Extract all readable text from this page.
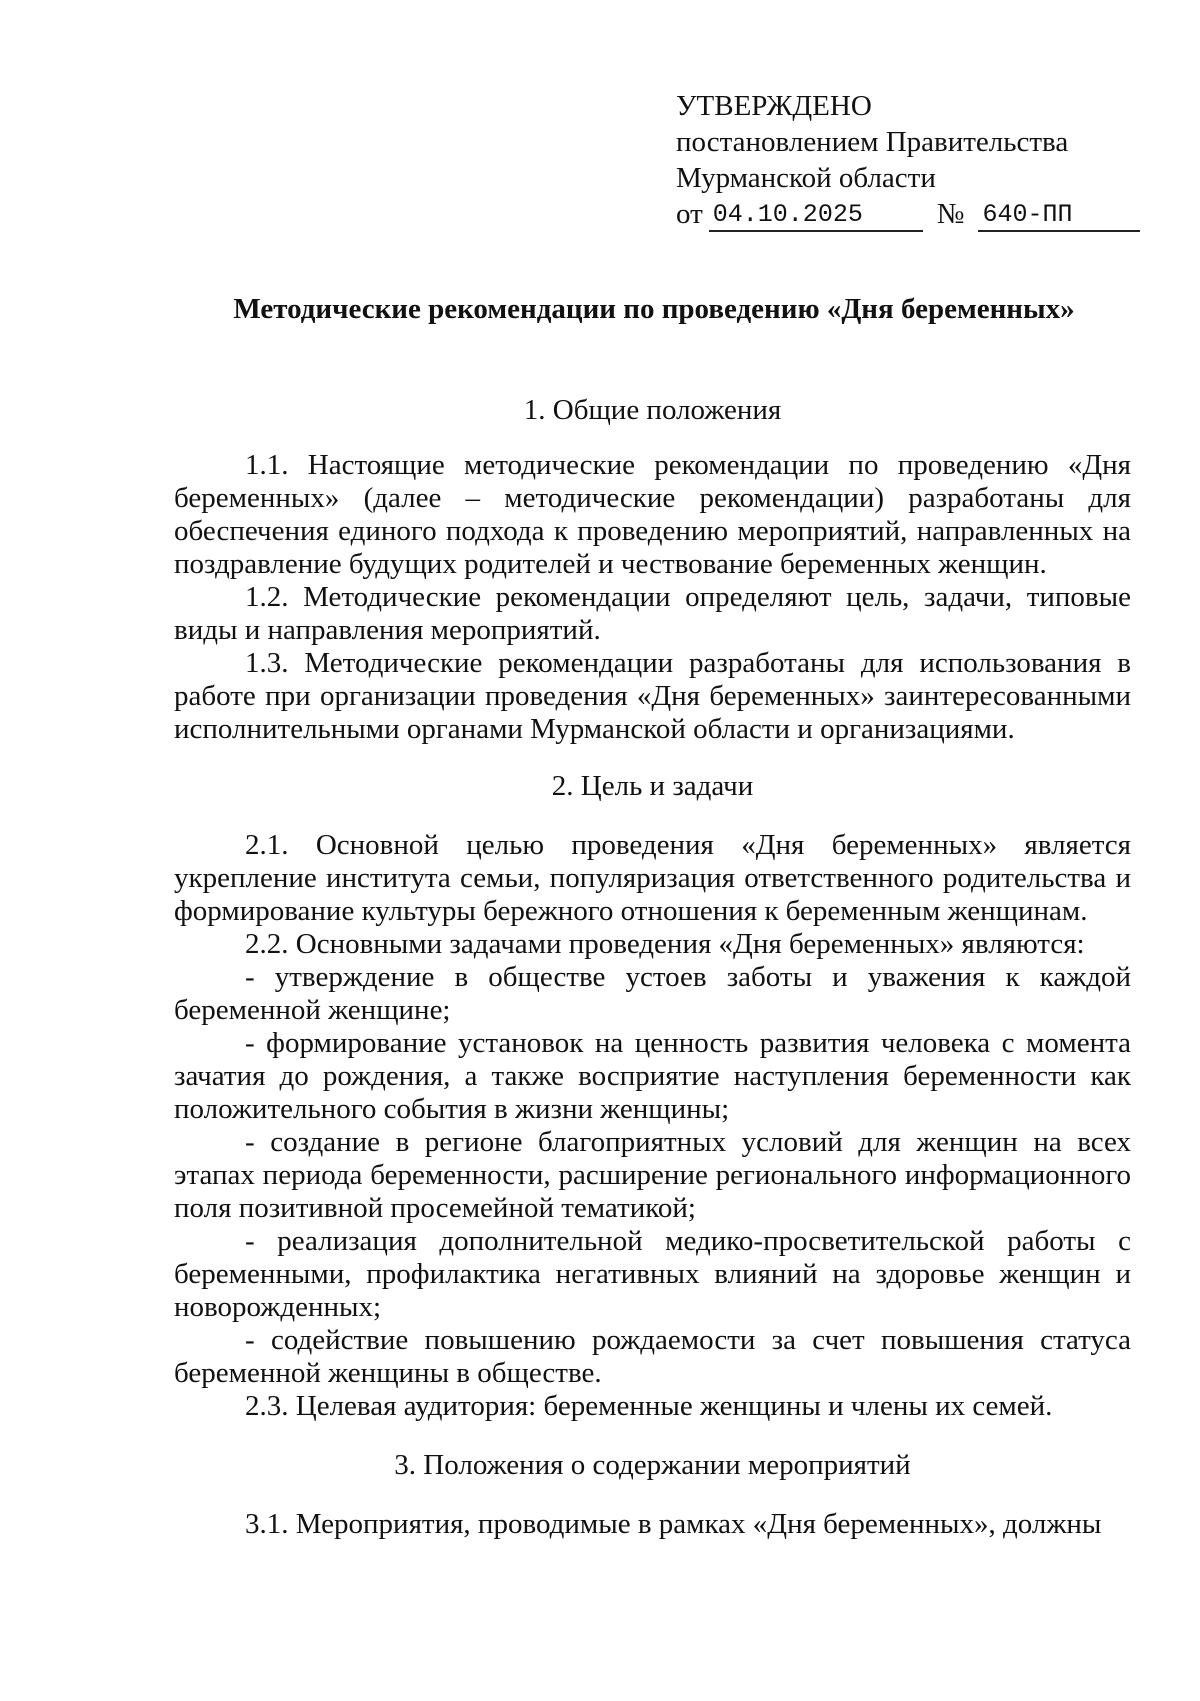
УТВЕРЖДЕНО
постановлением Правительства
Мурманской области
от 04.10.2025	№ 640-ПП
Методические рекомендации по проведению «Дня беременных»
1. Общие положения
1.1. Настоящие методические рекомендации по проведению «Дня беременных» (далее – методические рекомендации) разработаны для обеспечения единого подхода к проведению мероприятий, направленных на поздравление будущих родителей и чествование беременных женщин.
1.2. Методические рекомендации определяют цель, задачи, типовые виды и направления мероприятий.
1.3. Методические рекомендации разработаны для использования в работе при организации проведения «Дня беременных» заинтересованными исполнительными органами Мурманской области и организациями.
2. Цель и задачи
2.1. Основной целью проведения «Дня беременных» является укрепление института семьи, популяризация ответственного родительства и формирование культуры бережного отношения к беременным женщинам.
2.2. Основными задачами проведения «Дня беременных» являются:
- утверждение в обществе устоев заботы и уважения к каждой беременной женщине;
- формирование установок на ценность развития человека с момента зачатия до рождения, а также восприятие наступления беременности как положительного события в жизни женщины;
- создание в регионе благоприятных условий для женщин на всех этапах периода беременности, расширение регионального информационного поля позитивной просемейной тематикой;
- реализация дополнительной медико-просветительской работы с беременными, профилактика негативных влияний на здоровье женщин и новорожденных;
- содействие повышению рождаемости за счет повышения статуса беременной женщины в обществе.
2.3. Целевая аудитория: беременные женщины и члены их семей.
3. Положения о содержании мероприятий
3.1. Мероприятия, проводимые в рамках «Дня беременных», должны
